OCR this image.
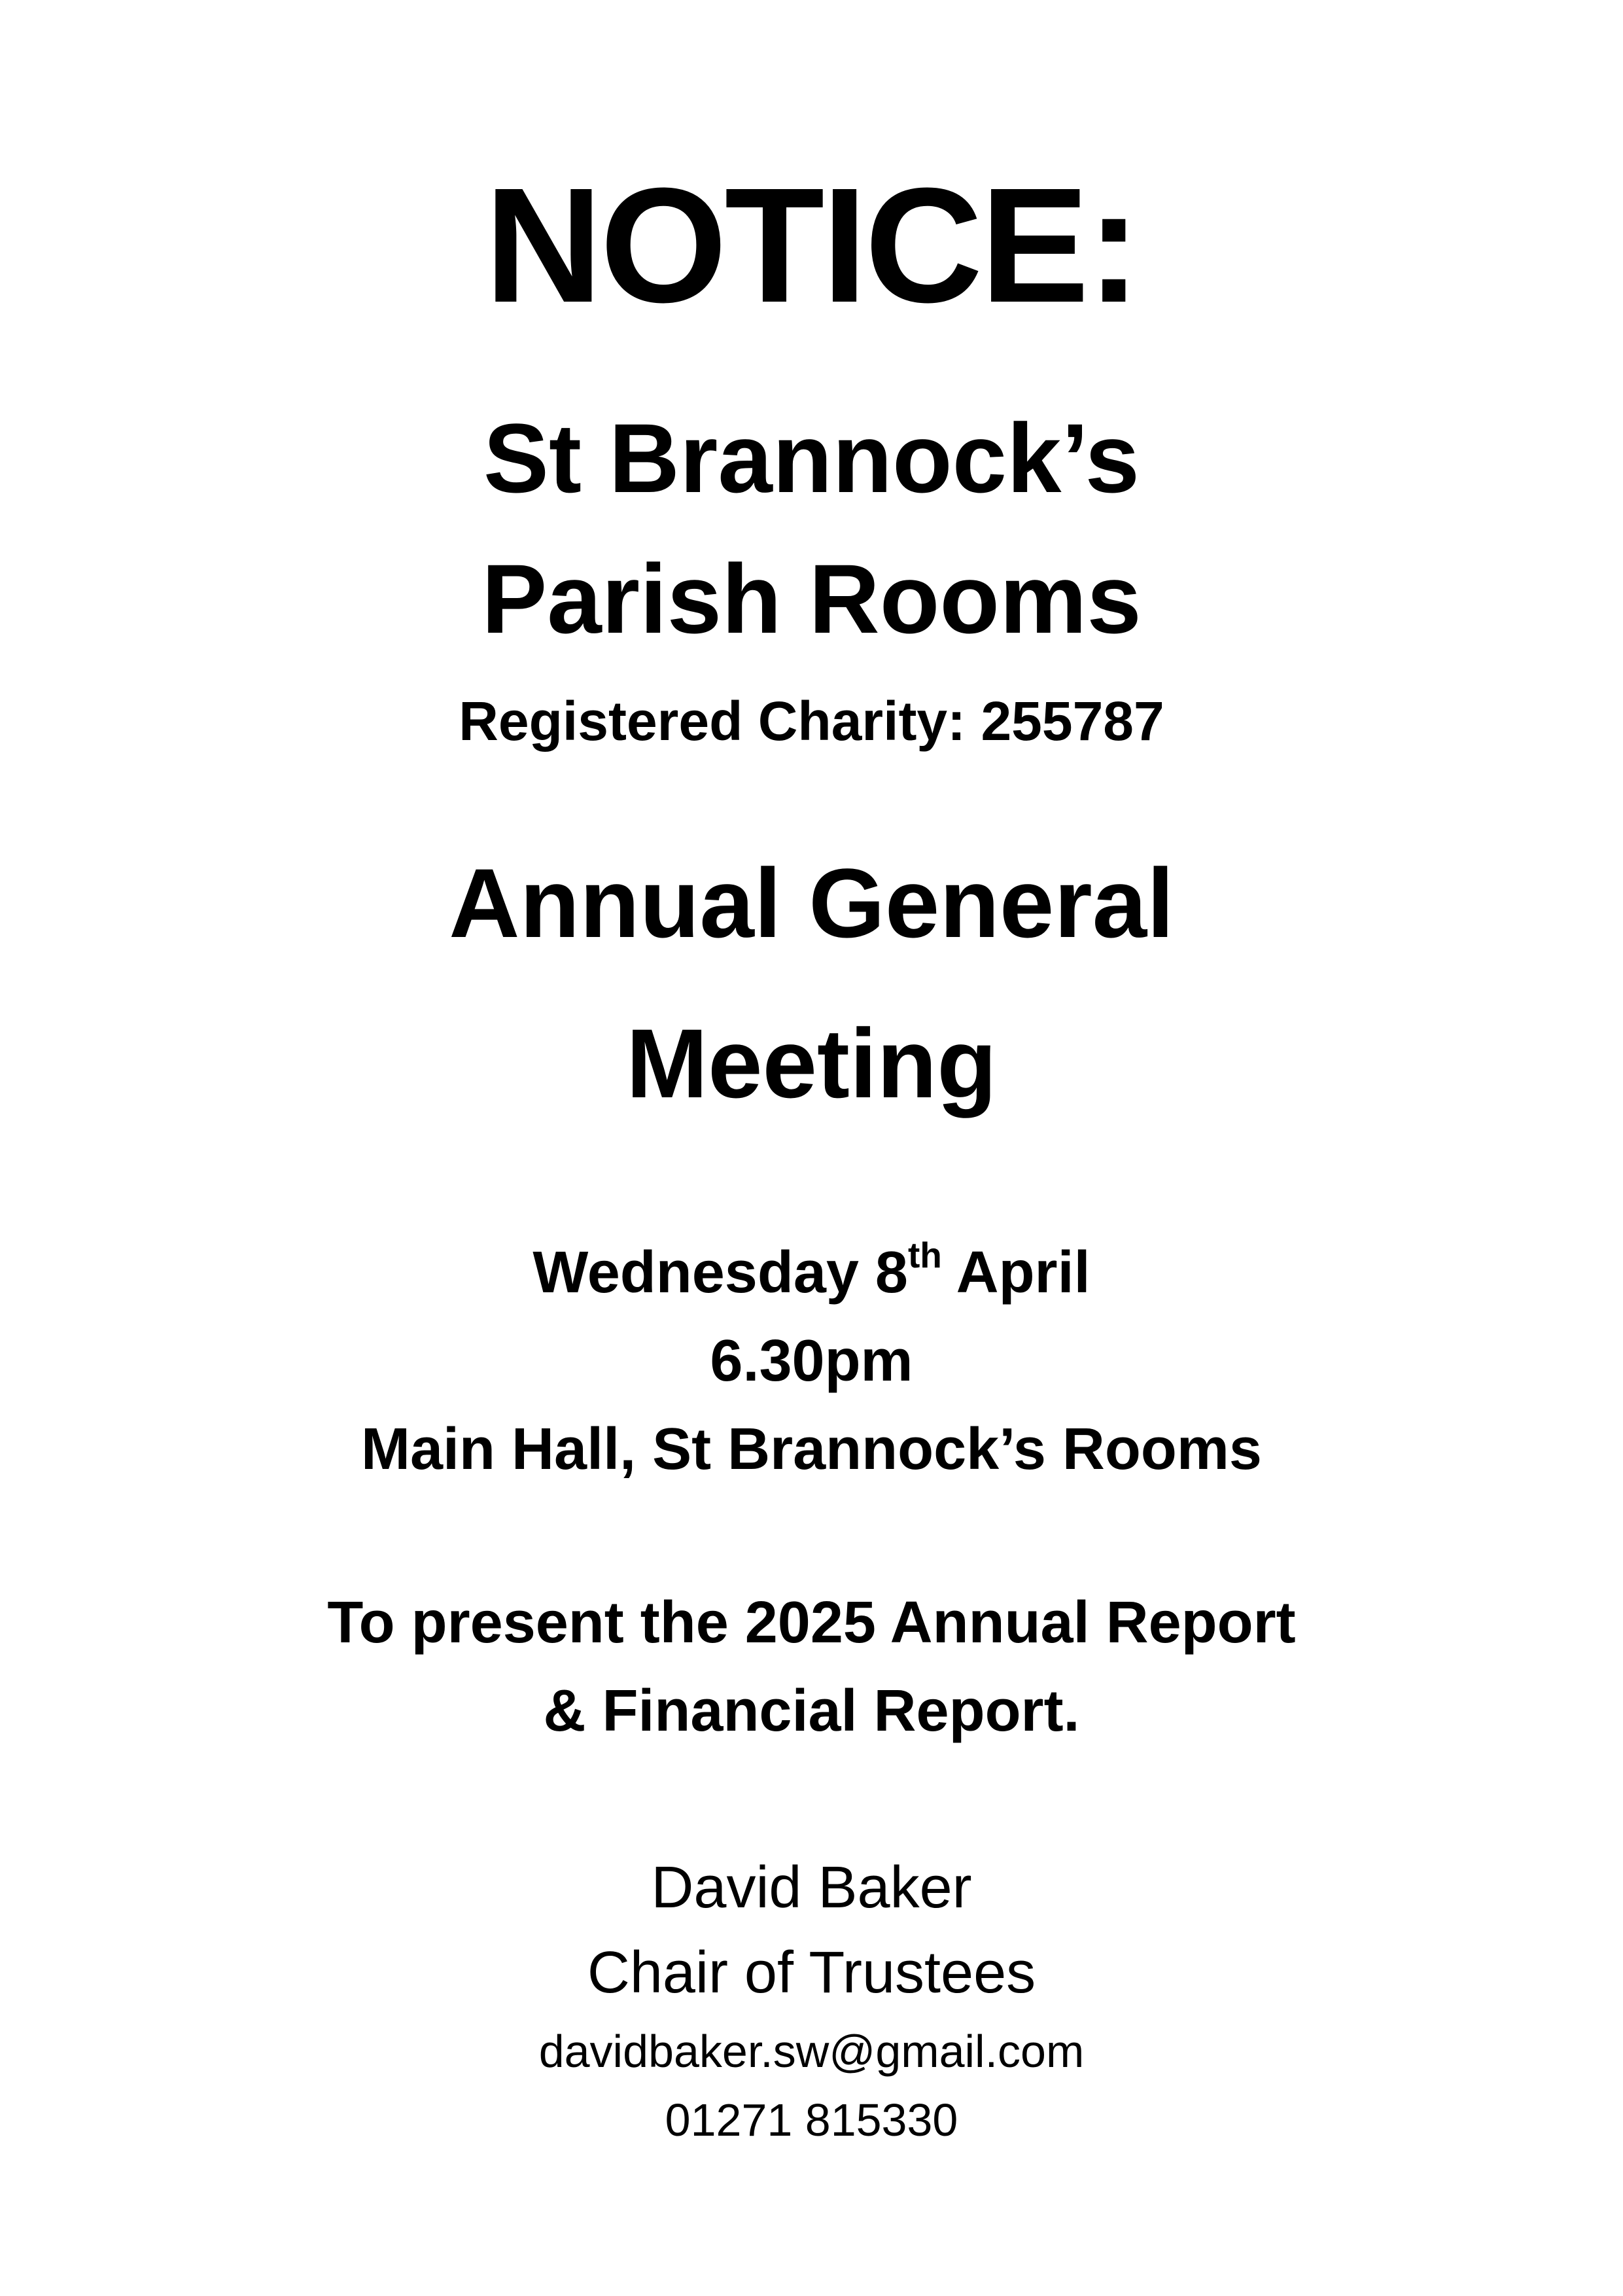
NOTICE:
St Brannock’s
Parish Rooms
Registered Charity: 255787
Annual General
Meeting
Wednesday 8th April
6.30pm
Main Hall, St Brannock’s Rooms
To present the 2025 Annual Report
& Financial Report.
David Baker
Chair of Trustees
davidbaker.sw@gmail.com
01271 815330
